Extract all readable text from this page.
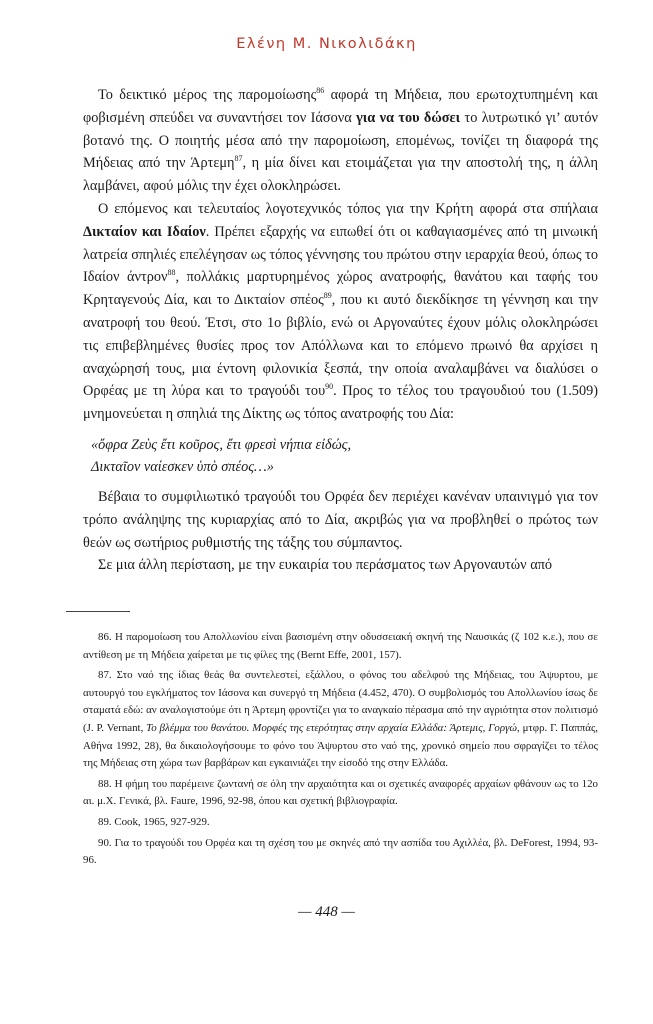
Ελένη Μ. Νικολιδάκη

Το δεικτικό μέρος της παρομοίωσης$^{86}$ αφορά τη Μήδεια, που ερωτοχτυπημένη και φοβισμένη σπεύδει να συναντήσει τον Ιάσονα για να του δώσει το λυτρωτικό γι’ αυτόν βοτανό της. Ο ποιητής μέσα από την παρομοίωση, επομένως, τονίζει τη διαφορά της Μήδειας από την Άρτεμη$^{87}$, η μία δίνει και ετοιμάζεται για την αποστολή της, η άλλη λαμβάνει, αφού μόλις την έχει ολοκληρώσει.

Ο επόμενος και τελευταίος λογοτεχνικός τόπος για την Κρήτη αφορά στα σπήλαια Δικταίον και Ιδαίον. Πρέπει εξαρχής να ειπωθεί ότι οι καθαγιασμένες από τη μινωική λατρεία σπηλιές επελέγησαν ως τόπος γέννησης του πρώτου στην ιεραρχία θεού, όπως το Ιδαίον άντρον$^{88}$, πολλάκις μαρτυρημένος χώρος ανατροφής, θανάτου και ταφής του Κρηταγενούς Δία, και το Δικταίον σπέος$^{89}$, που κι αυτό διεκδίκησε τη γέννηση και την ανατροφή του θεού. Έτσι, στο 1ο βιβλίο, ενώ οι Αργοναύτες έχουν μόλις ολοκληρώσει τις επιβεβλημένες θυσίες προς τον Απόλλωνα και το επόμενο πρωινό θα αρχίσει η αναχώρησή τους, μια έντονη φιλονικία ξεσπά, την οποία αναλαμβάνει να διαλύσει ο Ορφέας με τη λύρα και το τραγούδι του$^{90}$. Προς το τέλος του τραγουδιού του (1.509) μνημονεύεται η σπηλιά της Δίκτης ως τόπος ανατροφής του Δία:

«ὄφρα Ζεὺς ἔτι κοῦρος, ἔτι φρεσὶ νήπια εἰδώς,
Δικταῖον ναίεσκεν ὑπὸ σπέος…»

Βέβαια το συμφιλιωτικό τραγούδι του Ορφέα δεν περιέχει κανέναν υπαινιγμό για τον τρόπο ανάληψης της κυριαρχίας από το Δία, ακριβώς για να προβληθεί ο πρώτος των θεών ως σωτήριος ρυθμιστής της τάξης του σύμπαντος.

Σε μια άλλη περίσταση, με την ευκαιρία του περάσματος των Αργοναυτών από

86. Η παρομοίωση του Απολλωνίου είναι βασισμένη στην οδυσσειακή σκηνή της Ναυσικάς (ζ 102 κ.ε.), που σε αντίθεση με τη Μήδεια χαίρεται με τις φίλες της (Bernt Effe, 2001, 157).

87. Στο ναό της ίδιας θεάς θα συντελεστεί, εξάλλου, ο φόνος του αδελφού της Μήδειας, του Άψυρτου, με αυτουργό του εγκλήματος τον Ιάσονα και συνεργό τη Μήδεια (4.452, 470). Ο συμβολισμός του Απολλωνίου ίσως δε σταματά εδώ: αν αναλογιστούμε ότι η Άρτεμη φροντίζει για το αναγκαίο πέρασμα από την αγριότητα στον πολιτισμό (J. P. Vernant, Το βλέμμα του θανάτου. Μορφές της ετερότητας στην αρχαία Ελλάδα: Άρτεμις, Γοργώ, μτφρ. Γ. Παππάς, Αθήνα 1992, 28), θα δικαιολογήσουμε το φόνο του Άψυρτου στο ναό της, χρονικό σημείο που σφραγίζει το τέλος της Μήδειας στη χώρα των βαρβάρων και εγκαινιάζει την είσοδό της στην Ελλάδα.

88. Η φήμη του παρέμεινε ζωντανή σε όλη την αρχαιότητα και οι σχετικές αναφορές αρχαίων φθάνουν ως το 12ο αι. μ.Χ. Γενικά, βλ. Faure, 1996, 92-98, όπου και σχετική βιβλιογραφία.

89. Cook, 1965, 927-929.

90. Για το τραγούδι του Ορφέα και τη σχέση του με σκηνές από την ασπίδα του Αχιλλέα, βλ. DeForest, 1994, 93-96.

— 448 —
